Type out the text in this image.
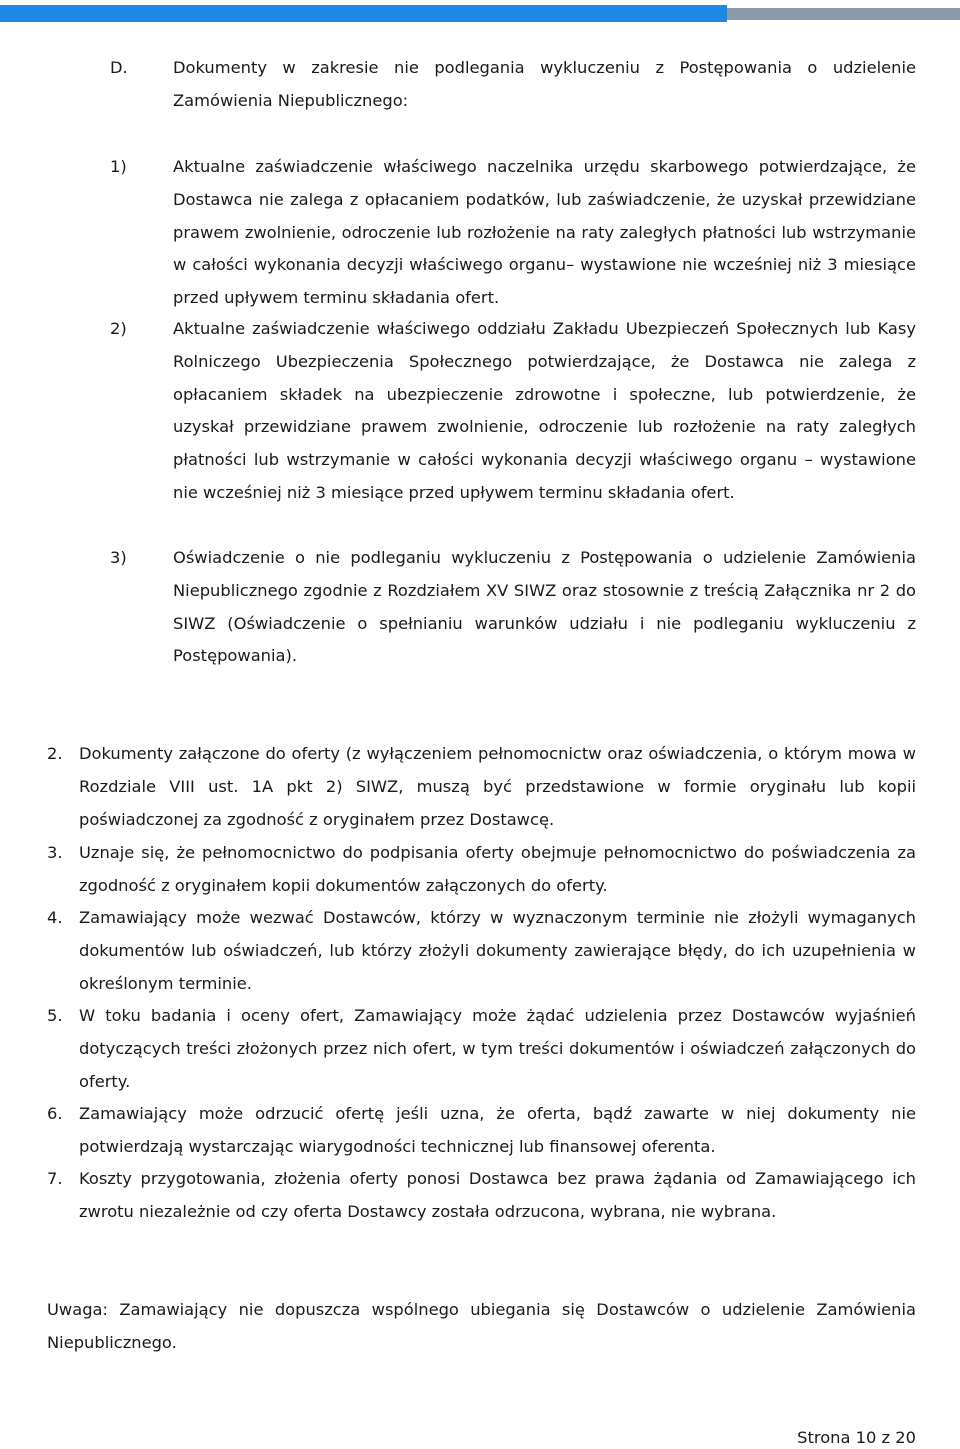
D.	Dokumenty w zakresie nie podlegania wykluczeniu z Postępowania o udzielenie Zamówienia Niepublicznego:
1)	Aktualne zaświadczenie właściwego naczelnika urzędu skarbowego potwierdzające, że Dostawca nie zalega z opłacaniem podatków, lub zaświadczenie, że uzyskał przewidziane prawem zwolnienie, odroczenie lub rozłożenie na raty zaległych płatności lub wstrzymanie w całości wykonania decyzji właściwego organu– wystawione nie wcześniej niż 3 miesiące przed upływem terminu składania ofert.
2)	Aktualne zaświadczenie właściwego oddziału Zakładu Ubezpieczeń Społecznych lub Kasy Rolniczego Ubezpieczenia Społecznego potwierdzające, że Dostawca nie zalega z opłacaniem składek na ubezpieczenie zdrowotne i społeczne, lub potwierdzenie, że uzyskał przewidziane prawem zwolnienie, odroczenie lub rozłożenie na raty zaległych płatności lub wstrzymanie w całości wykonania decyzji właściwego organu – wystawione nie wcześniej niż 3 miesiące przed upływem terminu składania ofert.
3)	Oświadczenie o nie podleganiu wykluczeniu z Postępowania o udzielenie Zamówienia Niepublicznego zgodnie z Rozdziałem XV SIWZ oraz stosownie z treścią Załącznika nr 2 do SIWZ (Oświadczenie o spełnianiu warunków udziału i nie podleganiu wykluczeniu z Postępowania).
2. Dokumenty załączone do oferty (z wyłączeniem pełnomocnictw oraz oświadczenia, o którym mowa w Rozdziale VIII ust. 1A pkt 2) SIWZ, muszą być przedstawione w formie oryginału lub kopii poświadczonej za zgodność z oryginałem przez Dostawcę.
3. Uznaje się, że pełnomocnictwo do podpisania oferty obejmuje pełnomocnictwo do poświadczenia za zgodność z oryginałem kopii dokumentów załączonych do oferty.
4. Zamawiający może wezwać Dostawców, którzy w wyznaczonym terminie nie złożyli wymaganych dokumentów lub oświadczeń, lub którzy złożyli dokumenty zawierające błędy, do ich uzupełnienia w określonym terminie.
5. W toku badania i oceny ofert, Zamawiający może żądać udzielenia przez Dostawców wyjaśnień dotyczących treści złożonych przez nich ofert, w tym treści dokumentów i oświadczeń załączonych do oferty.
6. Zamawiający może odrzucić ofertę jeśli uzna, że oferta, bądź zawarte w niej dokumenty nie potwierdzają wystarczając wiarygodności technicznej lub finansowej oferenta.
7. Koszty przygotowania, złożenia oferty ponosi Dostawca bez prawa żądania od Zamawiającego ich zwrotu niezależnie od czy oferta Dostawcy została odrzucona, wybrana, nie wybrana.
Uwaga: Zamawiający nie dopuszcza wspólnego ubiegania się Dostawców o udzielenie Zamówienia Niepublicznego.
Strona 10 z 20
